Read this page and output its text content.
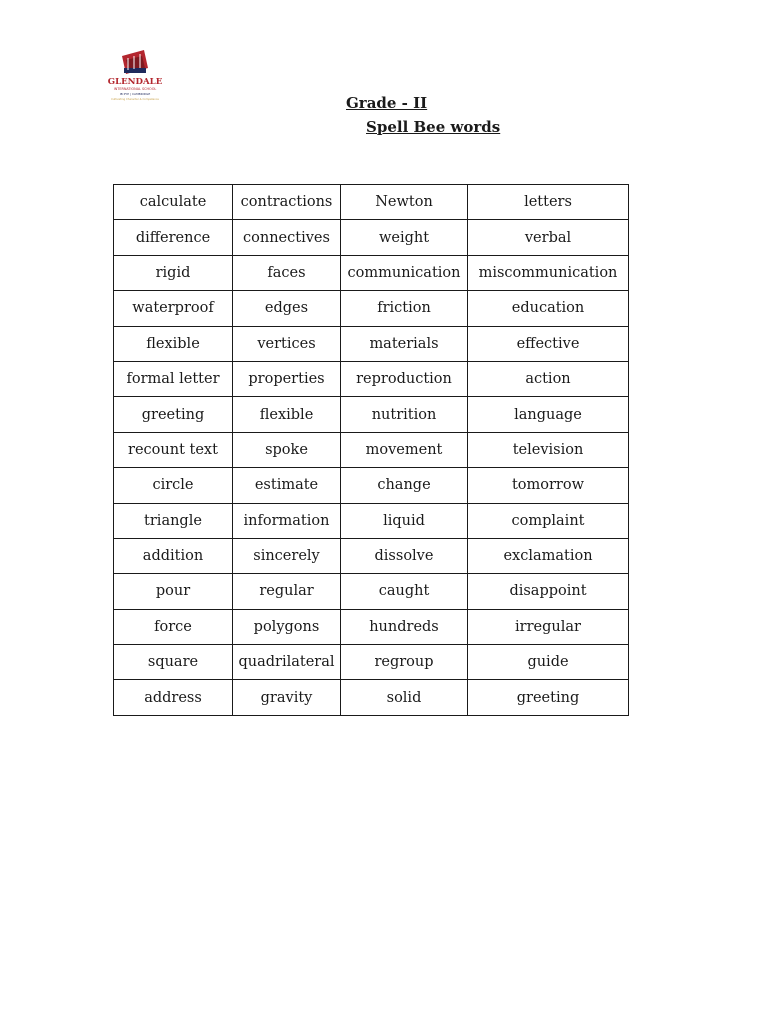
GLENDALE
INTERNATIONAL SCHOOL
IB PYP | CAMBRIDGE
Cultivating Character & Competence	Grade - II
Spell Bee words
calculate	contractions	Newton	letters
difference	connectives	weight	verbal
rigid	faces	communication	miscommunication
waterproof	edges	friction	education
flexible	vertices	materials	effective
formal letter	properties	reproduction	action
greeting	flexible	nutrition	language
recount text	spoke	movement	television
circle	estimate	change	tomorrow
triangle	information	liquid	complaint
addition	sincerely	dissolve	exclamation
pour	regular	caught	disappoint
force	polygons	hundreds	irregular
square	quadrilateral	regroup	guide
address	gravity	solid	greeting
